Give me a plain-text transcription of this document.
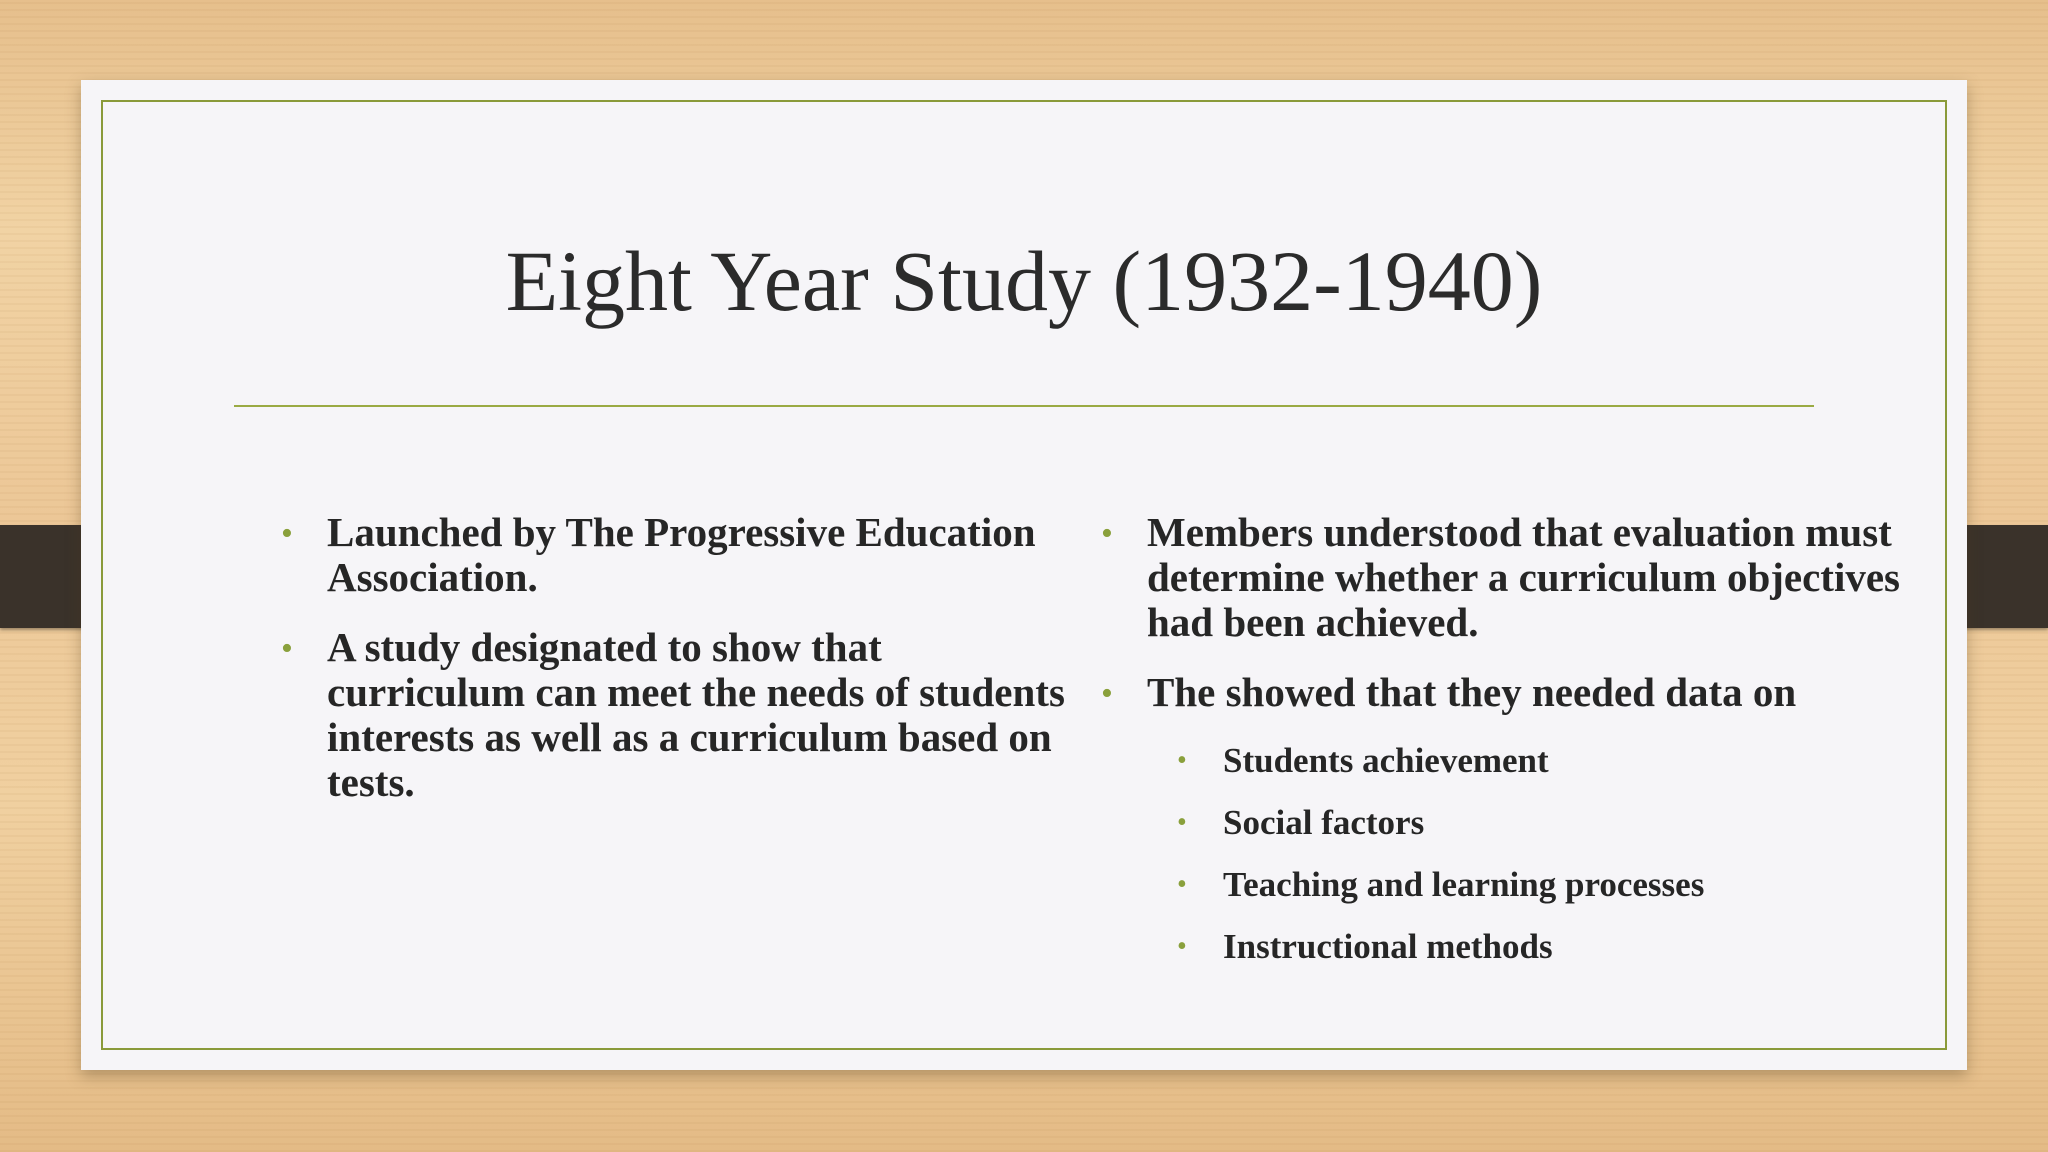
Eight Year Study (1932-1940)
• Launched by The Progressive Education Association.
• A study designated to show that curriculum can meet the needs of students interests as well as a curriculum based on tests.
• Members understood that evaluation must determine whether a curriculum objectives had been achieved.
• The showed that they needed data on
• Students achievement
• Social factors
• Teaching and learning processes
• Instructional methods
